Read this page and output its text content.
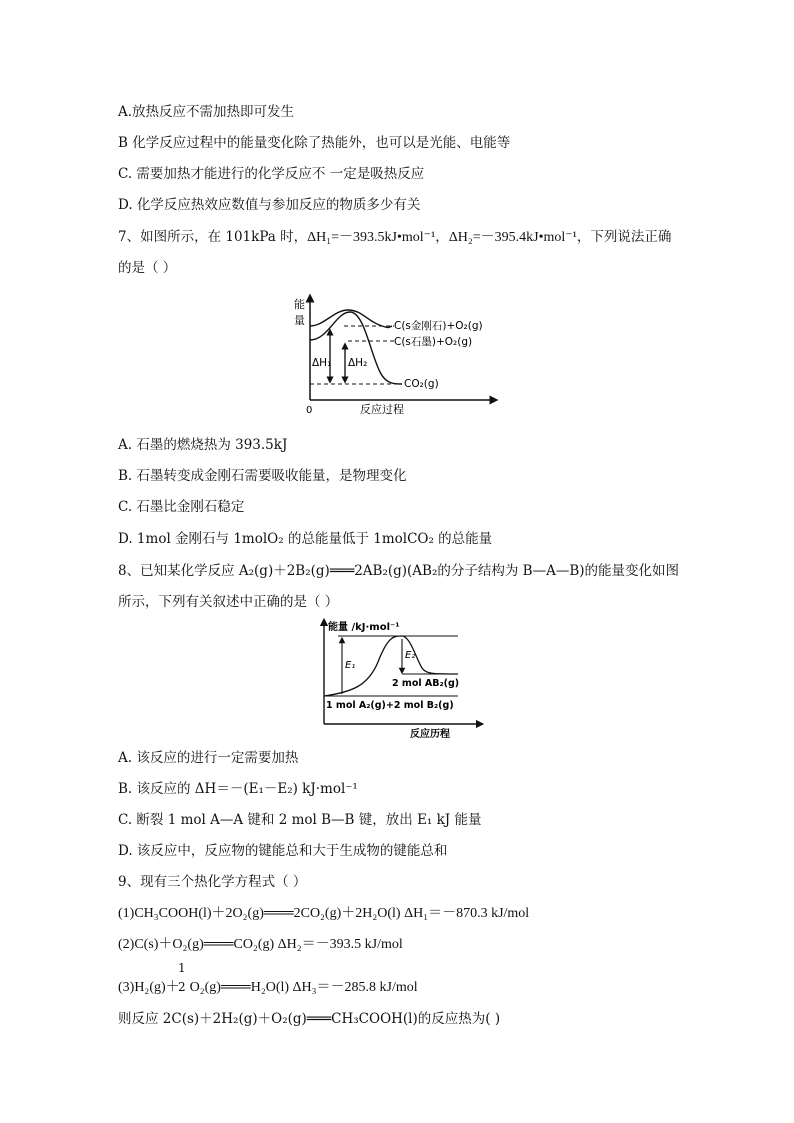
A.放热反应不需加热即可发生
B 化学反应过程中的能量变化除了热能外，也可以是光能、电能等
C. 需要加热才能进行的化学反应不 一定是吸热反应
D. 化学反应热效应数值与参加反应的物质多少有关
7、如图所示，在 101kPa 时，ΔH₁=－393.5kJ•mol⁻¹，ΔH₂=－395.4kJ•mol⁻¹，下列说法正确
的是（ ）
能
量
0	反应过程
C(s金刚石)+O₂(g)
C(s石墨)+O₂(g)
CO₂(g)
ΔH₁ ΔH₂
A. 石墨的燃烧热为 393.5kJ
B. 石墨转变成金刚石需要吸收能量，是物理变化
C. 石墨比金刚石稳定
D. 1mol 金刚石与 1molO₂ 的总能量低于 1molCO₂ 的总能量
8、已知某化学反应 A₂(g)＋2B₂(g)═══2AB₂(g)(AB₂的分子结构为 B—A—B)的能量变化如图
所示，下列有关叙述中正确的是（ ）
能量 /kJ·mol⁻¹
反应历程
E₁
E₂
2 mol AB₂(g)
1 mol A₂(g)+2 mol B₂(g)
A. 该反应的进行一定需要加热
B. 该反应的 ΔH＝－(E₁－E₂) kJ·mol⁻¹
C. 断裂 1 mol A—A 键和 2 mol B—B 键，放出 E₁ kJ 能量
D. 该反应中，反应物的键能总和大于生成物的键能总和
9、现有三个热化学方程式（ ）
(1)CH₃COOH(l)＋2O₂(g)═══2CO₂(g)＋2H₂O(l) ΔH₁＝－870.3 kJ/mol
(2)C(s)＋O₂(g)═══CO₂(g) ΔH₂＝－393.5 kJ/mol
1
2
(3)H₂(g)＋ O₂(g)═══H₂O(l) ΔH₃＝－285.8 kJ/mol
则反应 2C(s)＋2H₂(g)＋O₂(g)═══CH₃COOH(l)的反应热为( )
